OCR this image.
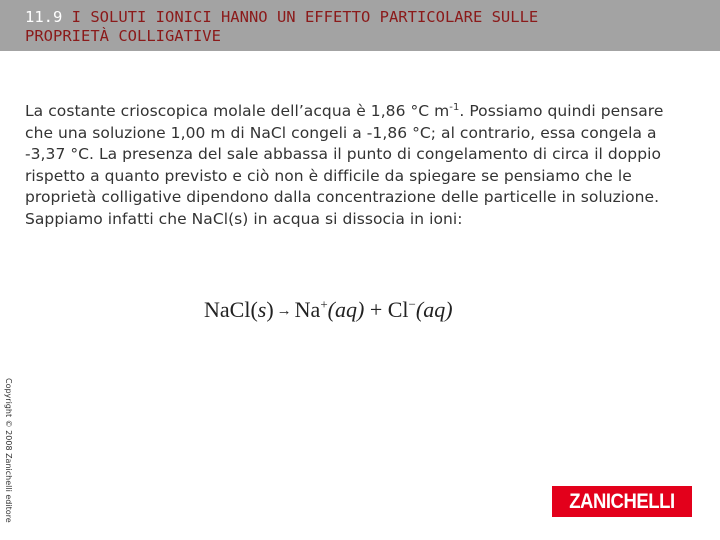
11.9 I SOLUTI IONICI HANNO UN EFFETTO PARTICOLARE SULLE
PROPRIETÀ COLLIGATIVE
La costante crioscopica molale dell’acqua è 1,86 °C $m^{-1}$. Possiamo quindi pensare che una soluzione 1,00 m di NaCl congeli a -1,86 °C; al contrario, essa congela a -3,37 °C. La presenza del sale abbassa il punto di congelamento di circa il doppio rispetto a quanto previsto e ciò non è difficile da spiegare se pensiamo che le proprietà colligative dipendono dalla concentrazione delle particelle in soluzione. Sappiamo infatti che NaCl(s) in acqua si dissocia in ioni:
NaCl(s) → Na+(aq) + Cl−(aq)
Copyright © 2008 Zanichelli editore	ZANICHELLI
